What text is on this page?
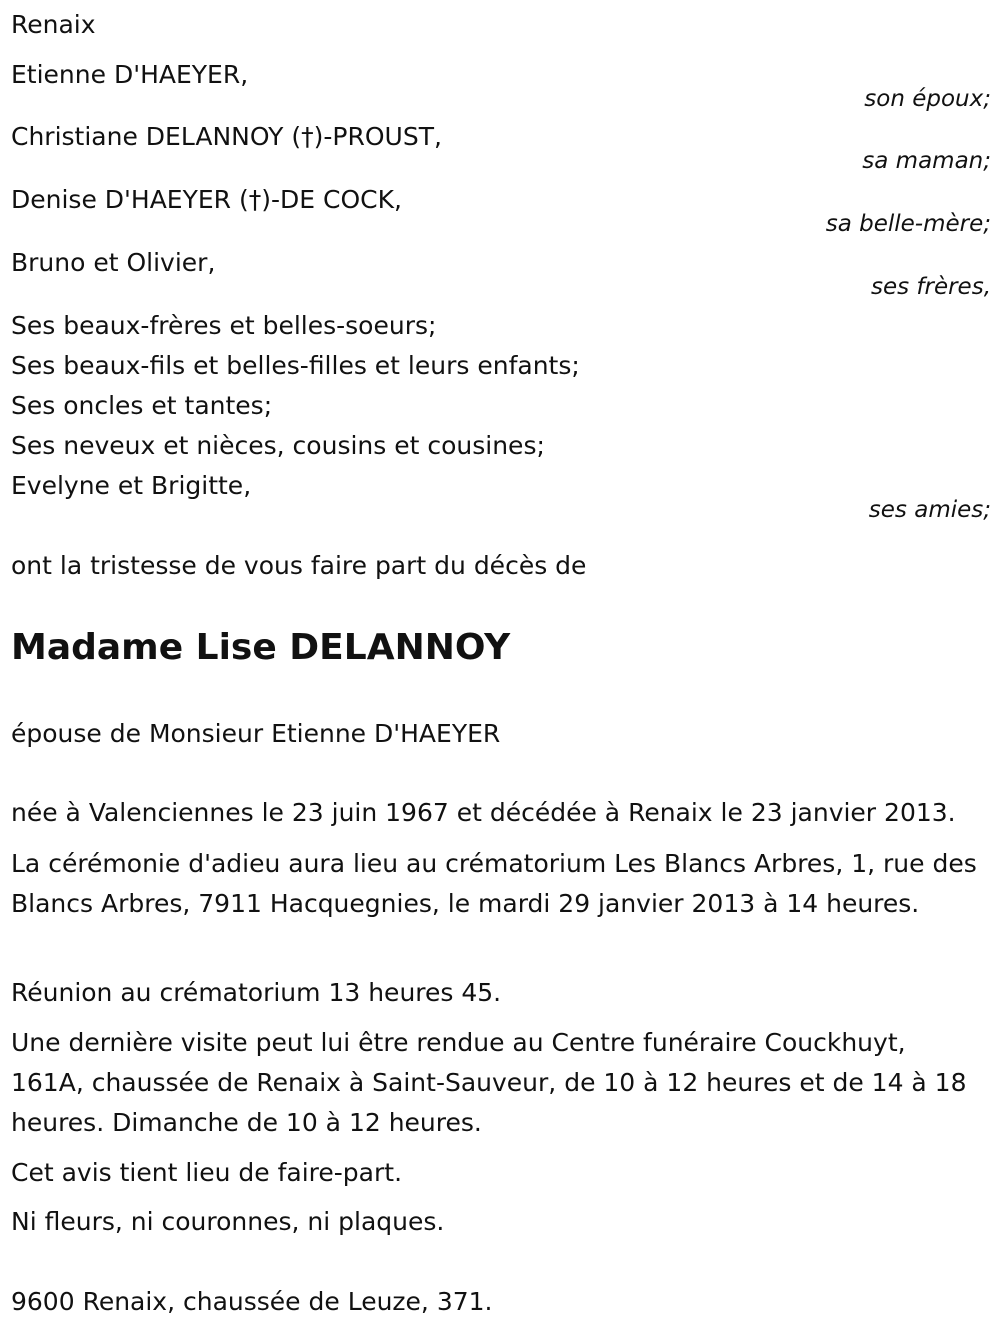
Renaix
Etienne D'HAEYER,
son époux;
Christiane DELANNOY (†)-PROUST,
sa maman;
Denise D'HAEYER (†)-DE COCK,
sa belle-mère;
Bruno et Olivier,
ses frères,
Ses beaux-frères et belles-soeurs;
Ses beaux-fils et belles-filles et leurs enfants;
Ses oncles et tantes;
Ses neveux et nièces, cousins et cousines;
Evelyne et Brigitte,
ses amies;
ont la tristesse de vous faire part du décès de
Madame Lise DELANNOY
épouse de Monsieur Etienne D'HAEYER
née à Valenciennes le 23 juin 1967 et décédée à Renaix le 23 janvier 2013.
La cérémonie d'adieu aura lieu au crématorium Les Blancs Arbres, 1, rue des Blancs Arbres, 7911 Hacquegnies, le mardi 29 janvier 2013 à 14 heures.
Réunion au crématorium 13 heures 45.
Une dernière visite peut lui être rendue au Centre funéraire Couckhuyt, 161A, chaussée de Renaix à Saint-Sauveur, de 10 à 12 heures et de 14 à 18 heures. Dimanche de 10 à 12 heures.
Cet avis tient lieu de faire-part.
Ni fleurs, ni couronnes, ni plaques.
9600 Renaix, chaussée de Leuze, 371.
